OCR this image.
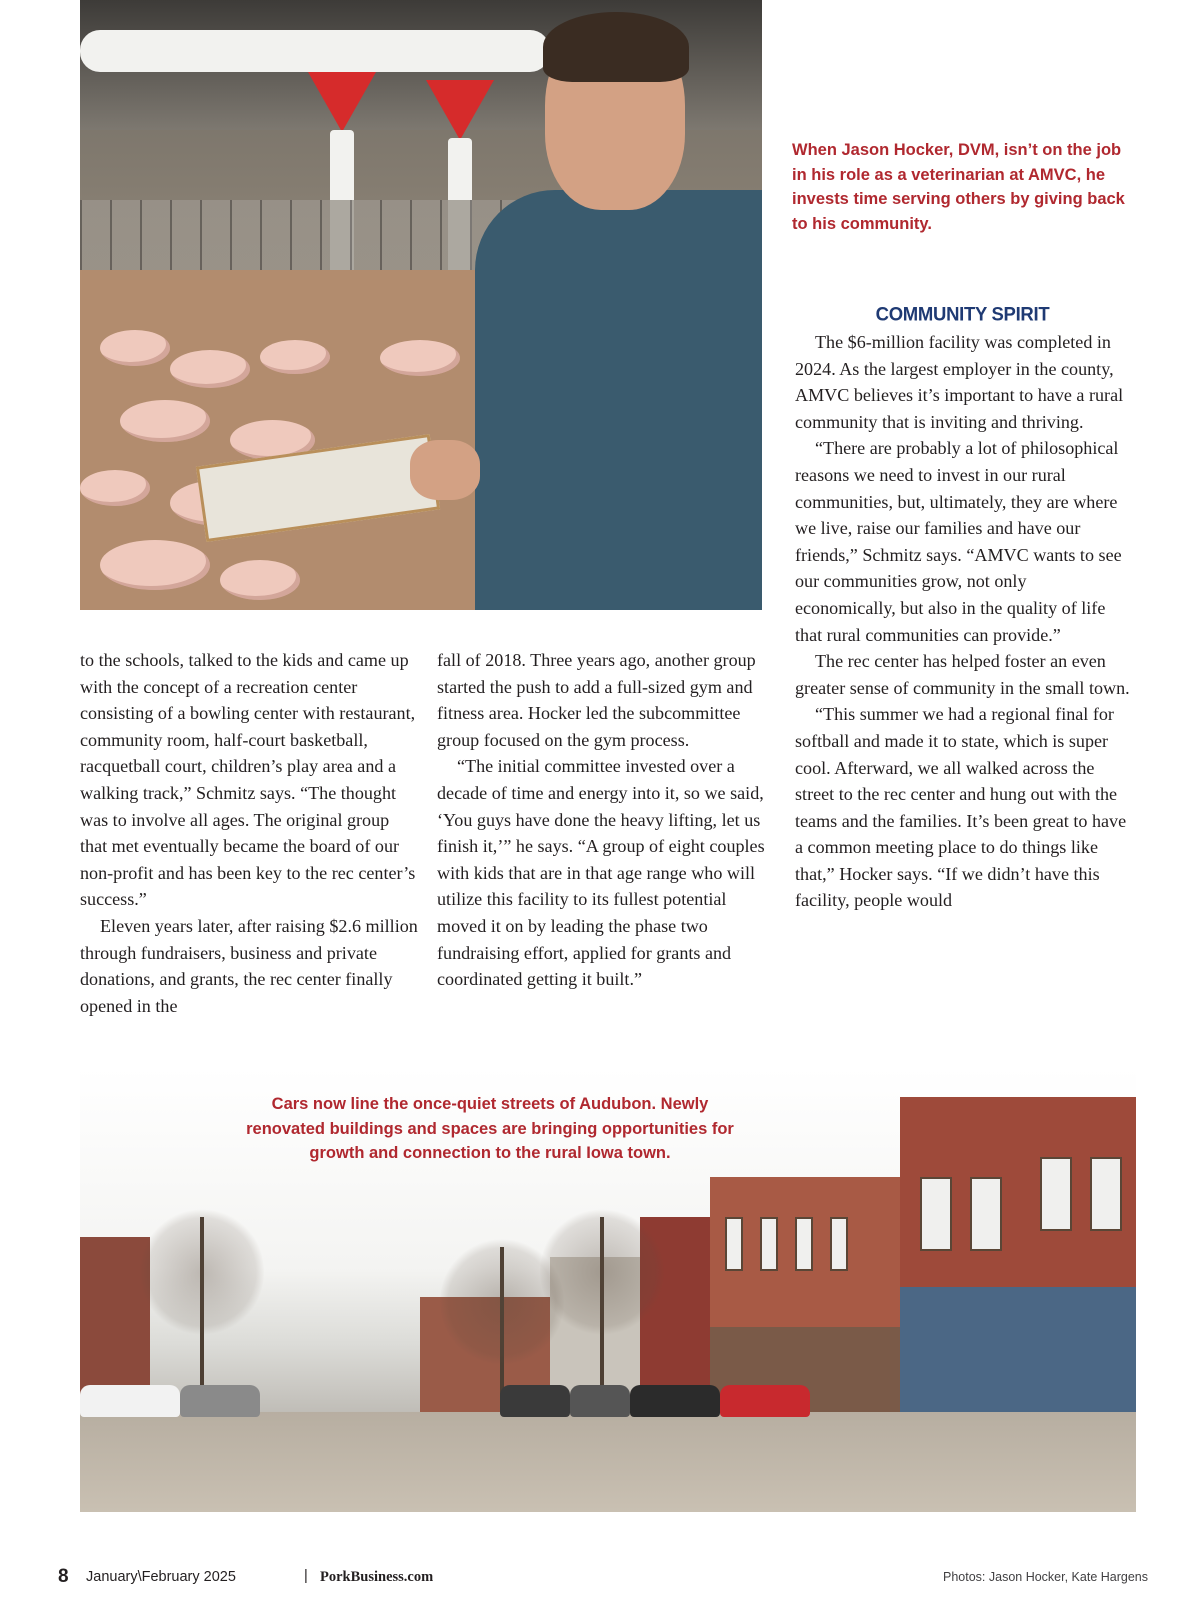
When Jason Hocker, DVM, isn’t on the job in his role as a veterinarian at AMVC, he invests time serving others by giving back to his community.

to the schools, talked to the kids and came up with the concept of a recreation center consisting of a bowling center with restaurant, community room, half-court basketball, racquetball court, children’s play area and a walking track,” Schmitz says. “The thought was to involve all ages. The original group that met eventually became the board of our non-profit and has been key to the rec center’s success.”

Eleven years later, after raising $2.6 million through fundraisers, business and private donations, and grants, the rec center finally opened in the

fall of 2018. Three years ago, another group started the push to add a full-sized gym and fitness area. Hocker led the subcommittee group focused on the gym process.

“The initial committee invested over a decade of time and energy into it, so we said, ‘You guys have done the heavy lifting, let us finish it,’” he says. “A group of eight couples with kids that are in that age range who will utilize this facility to its fullest potential moved it on by leading the phase two fundraising effort, applied for grants and coordinated getting it built.”

COMMUNITY SPIRIT

The $6-million facility was completed in 2024. As the largest employer in the county, AMVC believes it’s important to have a rural community that is inviting and thriving.

“There are probably a lot of philosophical reasons we need to invest in our rural communities, but, ultimately, they are where we live, raise our families and have our friends,” Schmitz says. “AMVC wants to see our communities grow, not only economically, but also in the quality of life that rural communities can provide.”

The rec center has helped foster an even greater sense of community in the small town.

“This summer we had a regional final for softball and made it to state, which is super cool. Afterward, we all walked across the street to the rec center and hung out with the teams and the families. It’s been great to have a common meeting place to do things like that,” Hocker says. “If we didn’t have this facility, people would

Cars now line the once-quiet streets of Audubon. Newly renovated buildings and spaces are bringing opportunities for growth and connection to the rural Iowa town.

8 January\February 2025	| PorkBusiness.com	Photos: Jason Hocker, Kate Hargens
